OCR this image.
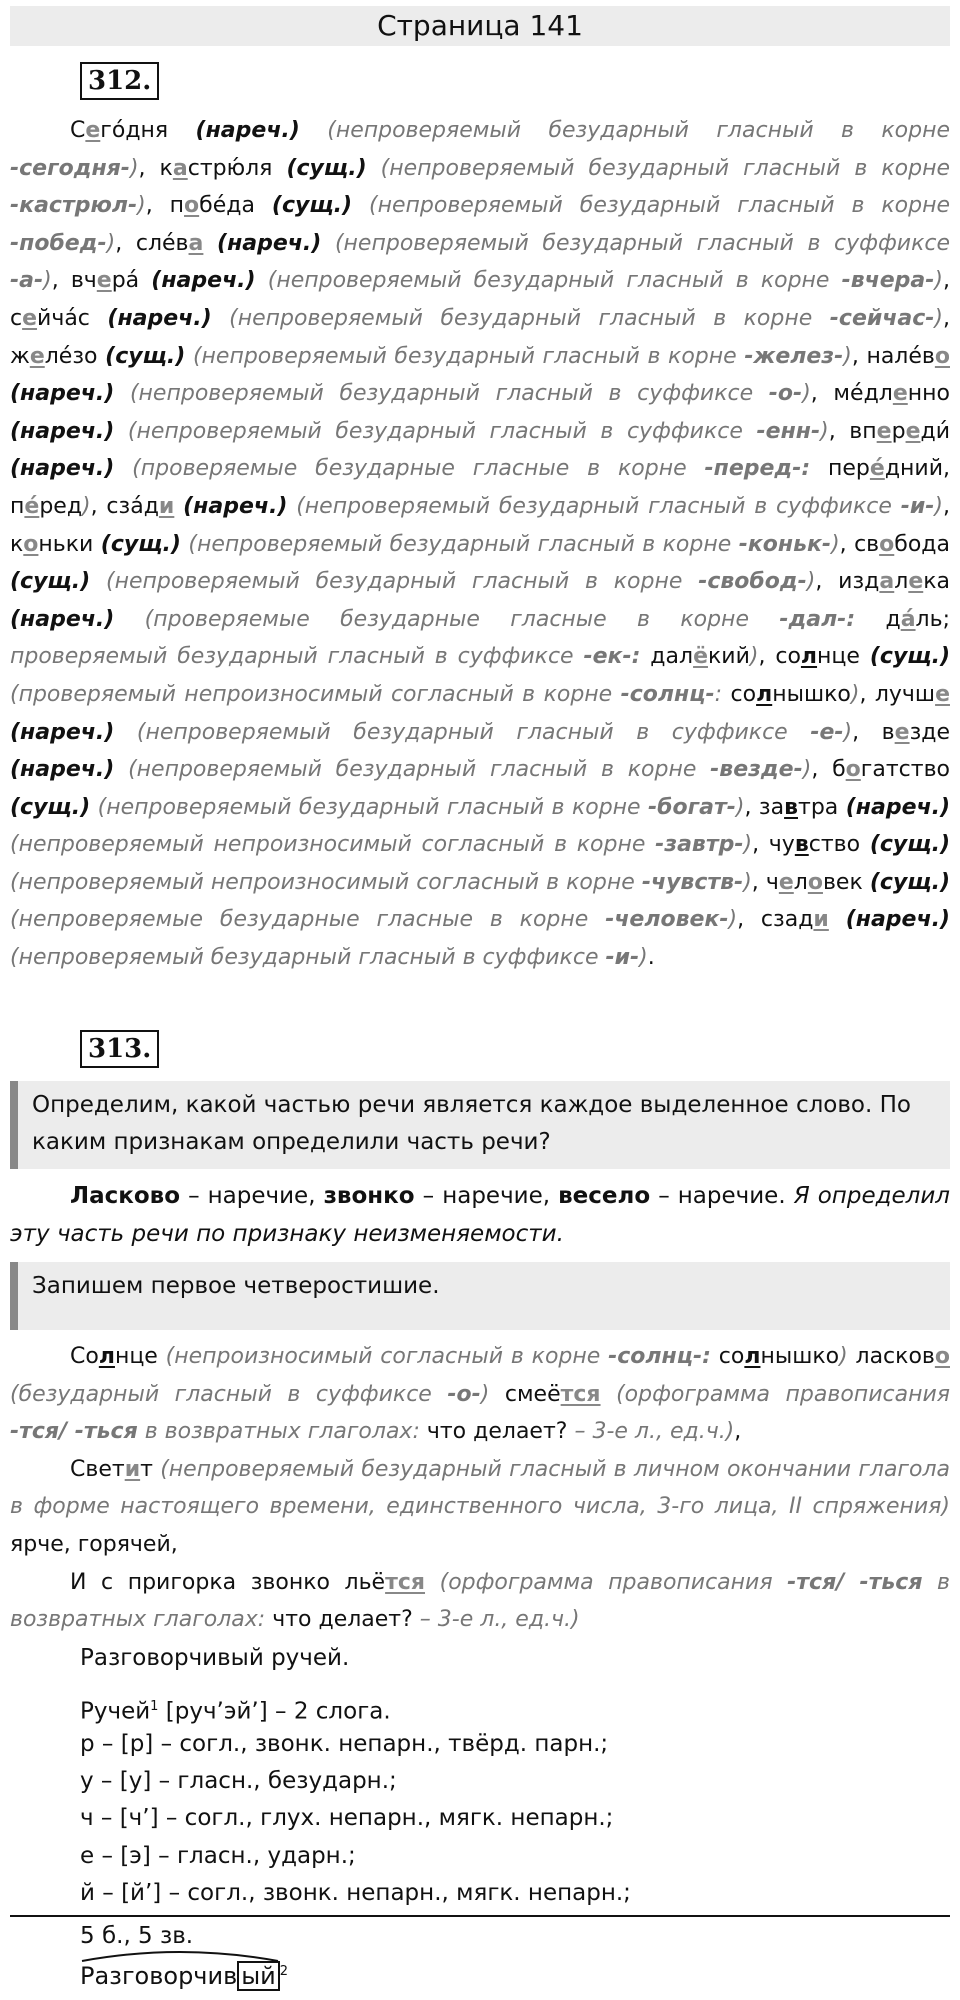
Страница 141
312.
Сегóдня (нареч.) (непроверяемый безударный гласный в корне -сегодня-), кастрю́ля (сущ.) (непроверяемый безударный гласный в корне -кастрюл-), побéда (сущ.) (непроверяемый безударный гласный в корне -побед-), слéва (нареч.) (непроверяемый безударный гласный в суффиксе -а-), вчерá (нареч.) (непроверяемый безударный гласный в корне -вчера-), сейчáс (нареч.) (непроверяемый безударный гласный в корне -сейчас-), желéзо (сущ.) (непроверяемый безударный гласный в корне -желез-), налéво (нареч.) (непроверяемый безударный гласный в суффиксе -о-), мéдленно (нареч.) (непроверяемый безударный гласный в суффиксе -енн-), впереди́ (нареч.) (проверяемые безударные гласные в корне -перед-: перéдний, пéред), сзáди (нареч.) (непроверяемый безударный гласный в суффиксе -и-), коньки (сущ.) (непроверяемый безударный гласный в корне -коньк-), свобода (сущ.) (непроверяемый безударный гласный в корне -свобод-), издалека (нареч.) (проверяемые безударные гласные в корне -дал-: дáль; проверяемый безударный гласный в суффиксе -ек-: далёкий), солнце (сущ.) (проверяемый непроизносимый согласный в корне -солнц-: солнышко), лучше (нареч.) (непроверяемый безударный гласный в суффиксе -е-), везде (нареч.) (непроверяемый безударный гласный в корне -везде-), богатство (сущ.) (непроверяемый безударный гласный в корне -богат-), завтра (нареч.) (непроверяемый непроизносимый согласный в корне -завтр-), чувство (сущ.) (непроверяемый непроизносимый согласный в корне -чувств-), человек (сущ.) (непроверяемые безударные гласные в корне -человек-), сзади (нареч.) (непроверяемый безударный гласный в суффиксе -и-).
313.
Определим, какой частью речи является каждое выделенное слово. По каким признакам определили часть речи?
Ласково – наречие, звонко – наречие, весело – наречие. Я определил эту часть речи по признаку неизменяемости.
Запишем первое четверостишие.
Солнце (непроизносимый согласный в корне -солнц-: солнышко) ласково (безударный гласный в суффиксе -о-) смеётся (орфограмма правописания -тся/ -ться в возвратных глаголах: что делает? – 3-е л., ед.ч.),
Светит (непроверяемый безударный гласный в личном окончании глагола в форме настоящего времени, единственного числа, 3-го лица, II спряжения) ярче, горячей,
И с пригорка звонко льётся (орфограмма правописания -тся/ -ться в возвратных глаголах: что делает? – 3-е л., ед.ч.)
Разговорчивый ручей.
Ручей$^1$ [руч’эй’] – 2 слога.
р – [р] – согл., звонк. непарн., твёрд. парн.;
у – [у] – гласн., безударн.;
ч – [ч’] – согл., глух. непарн., мягк. непарн.;
е – [э] – гласн., ударн.;
й – [й’] – согл., звонк. непарн., мягк. непарн.;
5 б., 5 зв.
Разговорчив ый $^2$
